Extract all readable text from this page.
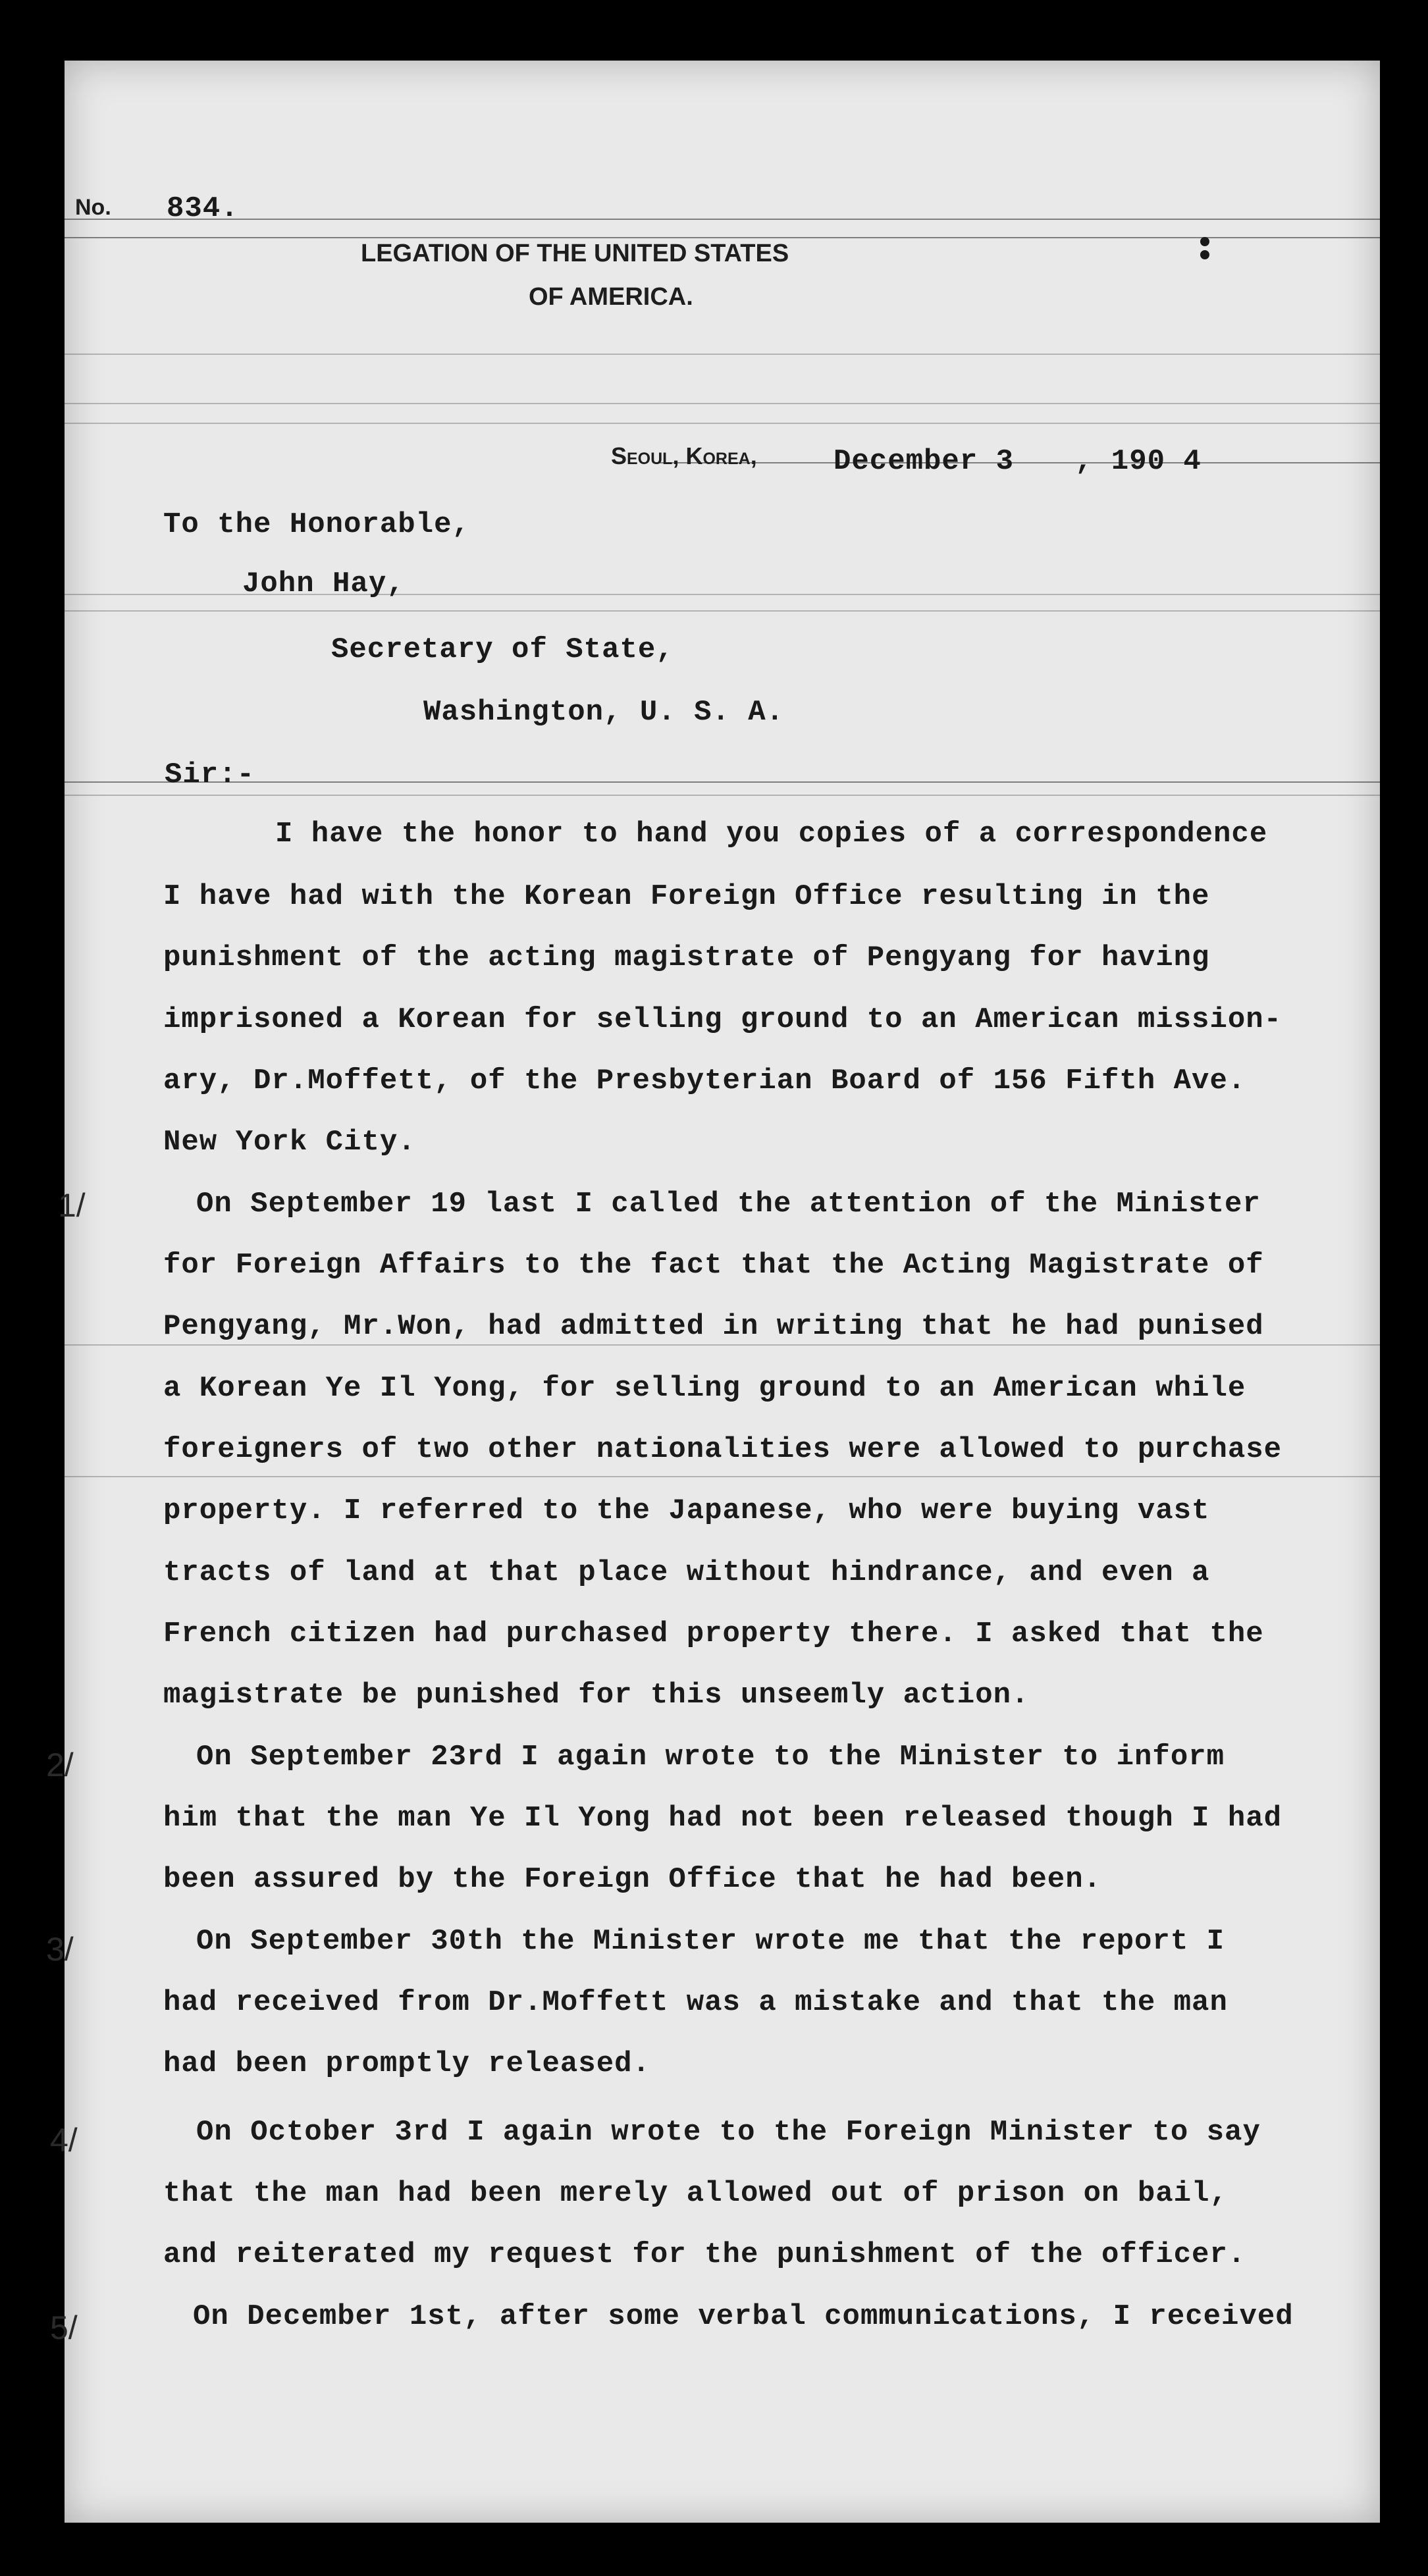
No. 834.
LEGATION OF THE UNITED STATES
OF AMERICA.
Seoul, Korea,	December 3 , 190 4
To the Honorable,
John Hay,
Secretary of State,
Washington, U. S. A.
Sir:-
1/
2/
3/
4/
5/
I have the honor to hand you copies of a correspondence
I have had with the Korean Foreign Office resulting in the
punishment of the acting magistrate of Pengyang for having
imprisoned a Korean for selling ground to an American mission-
ary, Dr.Moffett, of the Presbyterian Board of 156 Fifth Ave.
New York City.
On September 19 last I called the attention of the Minister
for Foreign Affairs to the fact that the Acting Magistrate of
Pengyang, Mr.Won, had admitted in writing that he had punised
a Korean Ye Il Yong, for selling ground to an American while
foreigners of two other nationalities were allowed to purchase
property. I referred to the Japanese, who were buying vast
tracts of land at that place without hindrance, and even a
French citizen had purchased property there. I asked that the
magistrate be punished for this unseemly action.
On September 23rd I again wrote to the Minister to inform
him that the man Ye Il Yong had not been released though I had
been assured by the Foreign Office that he had been.
On September 30th the Minister wrote me that the report I
had received from Dr.Moffett was a mistake and that the man
had been promptly released.
On October 3rd I again wrote to the Foreign Minister to say
that the man had been merely allowed out of prison on bail,
and reiterated my request for the punishment of the officer.
On December 1st, after some verbal communications, I received
